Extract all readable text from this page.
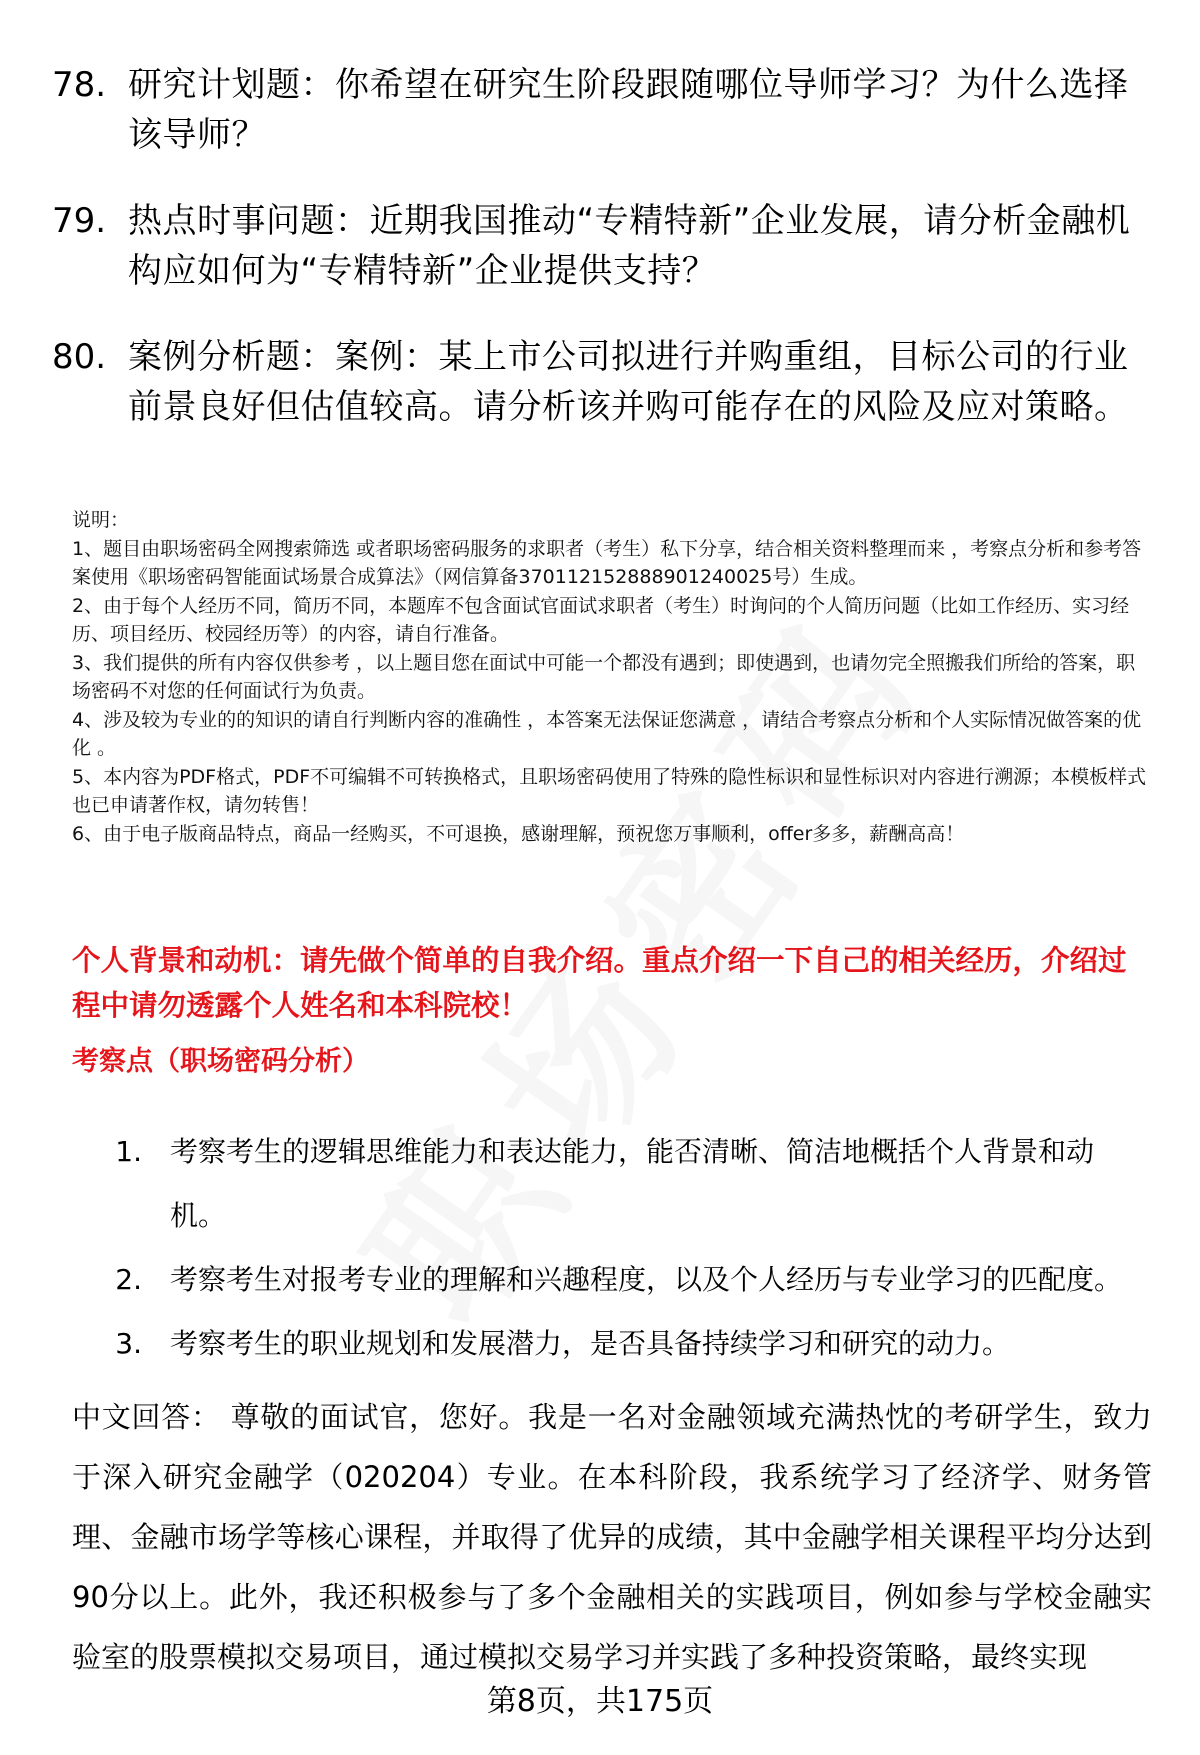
78. 研究计划题：你希望在研究生阶段跟随哪位导师学习？为什么选择该导师？
79. 热点时事问题：近期我国推动“专精特新”企业发展，请分析金融机构应如何为“专精特新”企业提供支持？
80. 案例分析题：案例：某上市公司拟进行并购重组，目标公司的行业前景良好但估值较高。请分析该并购可能存在的风险及应对策略。

说明：

1、题目由职场密码全网搜索筛选 或者职场密码服务的求职者（考生）私下分享，结合相关资料整理而来 ，考察点分析和参考答案使用《职场密码智能面试场景合成算法》（网信算备370112152888901240025号）生成。

2、由于每个人经历不同，简历不同，本题库不包含面试官面试求职者（考生）时询问的个人简历问题（比如工作经历、实习经历、项目经历、校园经历等）的内容，请自行准备。

3、我们提供的所有内容仅供参考 ，以上题目您在面试中可能一个都没有遇到；即使遇到，也请勿完全照搬我们所给的答案，职场密码不对您的任何面试行为负责。

4、涉及较为专业的的知识的请自行判断内容的准确性 ，本答案无法保证您满意 ，请结合考察点分析和个人实际情况做答案的优化 。

5、本内容为PDF格式，PDF不可编辑不可转换格式，且职场密码使用了特殊的隐性标识和显性标识对内容进行溯源；本模板样式也已申请著作权，请勿转售！

6、由于电子版商品特点，商品一经购买，不可退换，感谢理解，预祝您万事顺利，offer多多，薪酬高高！

个人背景和动机：请先做个简单的自我介绍。重点介绍一下自己的相关经历，介绍过程中请勿透露个人姓名和本科院校！
考察点（职场密码分析）
1.	考察考生的逻辑思维能力和表达能力，能否清晰、简洁地概括个人背景和动机。
2.	考察考生对报考专业的理解和兴趣程度，以及个人经历与专业学习的匹配度。
3.	考察考生的职业规划和发展潜力，是否具备持续学习和研究的动力。
中文回答： 尊敬的面试官，您好。我是一名对金融领域充满热忱的考研学生，致力于深入研究金融学（020204）专业。在本科阶段，我系统学习了经济学、财务管理、金融市场学等核心课程，并取得了优异的成绩，其中金融学相关课程平均分达到90分以上。此外，我还积极参与了多个金融相关的实践项目，例如参与学校金融实验室的股票模拟交易项目，通过模拟交易学习并实践了多种投资策略，最终实现
第8页，共175页
